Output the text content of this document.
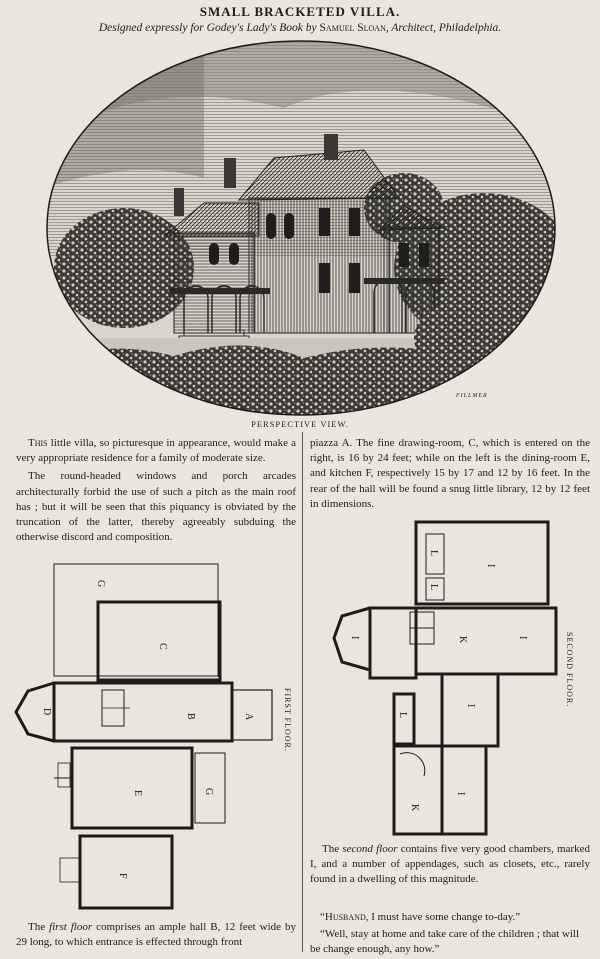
SMALL BRACKETED VILLA.
Designed expressly for Godey's Lady's Book by Samuel Sloan, Architect, Philadelphia.
FILLMER
PERSPECTIVE VIEW.

This little villa, so picturesque in appearance, would make a very appropriate residence for a family of moderate size.

The round-headed windows and porch arcades architecturally forbid the use of such a pitch as the main roof has ; but it will be seen that this piquancy is obviated by the truncation of the latter, thereby agreeably subduing the otherwise discord and composition.

G
C
A
B
D
E	G
F
FIRST FLOOR.

The first floor comprises an ample hall B, 12 feet wide by 29 long, to which entrance is effected through front

piazza A. The fine drawing-room, C, which is entered on the right, is 16 by 24 feet; while on the left is the dining-room E, and kitchen F, respectively 15 by 17 and 12 by 16 feet. In the rear of the hall will be found a snug little library, 12 by 12 feet in dimensions.

I
I	I
I
I
K
K
L
L
L
SECOND FLOOR.

The second floor contains five very good chambers, marked I, and a number of appendages, such as closets, etc., rarely found in a dwelling of this magnitude.

“Husband, I must have some change to-day.”

“Well, stay at home and take care of the children ; that will be change enough, any how.”
